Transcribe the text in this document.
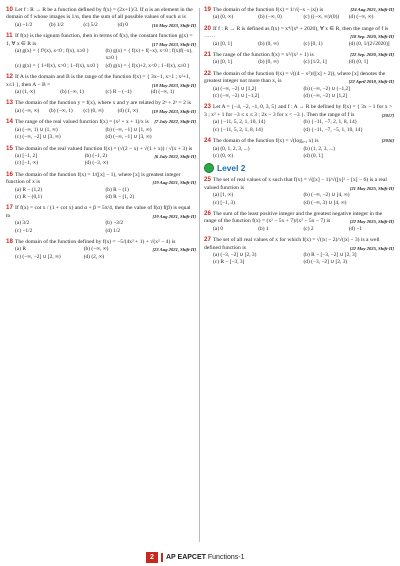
10 Let f : R → R be a function defined by f(x) = (2x+1)/3. If α is an element in the domain of f whose images is 1/α, then the sum of all possible values of such α is
[16 May 2023, Shift-II]
(a) −1/2	(b) 1/2	(c) 5/2	(d) 0
11 If f(x) is the signum function, then in terms of f(x), the constant function g(x) = 1, ∀ x ∈ R is	[17 May 2023, Shift-II]
(a) g(x) = { f²(x), x<0 ; f(x), x≥0 }	(b) g(x) = { f(x) + f(−x), x<0 ; f(x)f(−x), x≥0 }
(c) g(x) = { 1+f(x), x>0 ; 1−f(x), x≤0 }	(d) g(x) = { f(x)+2, x<0 ; 1−f(x), x≥0 }
12 If A is the domain and B is the range of the function f(x) = { 3x−1, x>1 ; x²+1, x≤1 }, then A − B =	[18 May 2023, Shift-II]
(a) (1, ∞)	(b) (−∞, 1)	(c) R − (−1)	(d) (−∞, 1)
13 The domain of the function y = f(x), where x and y are related by 2ˣ + 2ʸ = 2 is
[19 May 2023, Shift-II]
(a) (−∞, ∞)	(b) (−∞, 1)	(c) (0, ∞)	(d) (1, ∞)
14 The range of the real valued function f(x) = (x² + x + 1)/x is [7 July 2022, Shift-II]
(a) (−∞, 1) ∪ (1, ∞)	(b) (−∞, −1] ∪ [1, ∞)
(c) (−∞, −2] ∪ [3, ∞)	(d) (−∞, −1] ∪ [3, ∞)
15 The domain of the real valued function f(x) = (√(2 − x) + √(1 + x)) / √(x + 3) is
[6 July 2022, Shift-II]
(a) [−1, 2]	(b) (−1, 2)
(c) [−1, ∞)	(d) (−3, ∞)
16 The domain of the function f(x) = 1/([x] − 1), where [x] is greatest integer function of x is	[19 Aug 2021, Shift-II]
(a) R − (1,2)	(b) R − (1)
(c) R − (0,1)	(d) R − [1, 2)
17 If f(x) = cot x / (1 + cot x) and α + β = 5π/4, then the value of f(α) f(β) is equal to	[19 Aug 2021, Shift-II]
(a) 3/2	(b) −3/2
(c) −1/2	(d) 1/2
18 The domain of the function defined by f(x) = −5/(4x² + 1) + √(x² − 4) is
[23 Aug 2021, Shift-II]
(a) R	(b) (−∞, ∞)
(c) (−∞, −2] ∪ [2, ∞)	(d) (2, ∞)
19 The domain of the function f(x) = 1/√(−x − |x|) is	[24 Aug 2021, Shift-II]
(a) (0, ∞)	(b) (−∞, 0)	(c) ((−∞, ∞)/(0))	(d) (−∞, ∞)
20 If f : R → R is defined as f(x) = x⁴/(x⁸ + 2020), ∀ x ∈ R, then the range of f is ……	[18 Sep. 2020, Shift-II]
(a) [0, 1]	(b) (0, ∞)	(c) [0, 1)	(d) (0, 1/(2√2020)]
21 The range of the function f(x) = x²/(x² + 1) is	[22 Sep. 2020, Shift-II]
(a) [0, 1]	(b) [0, ∞)	(c) [1/2, 1]	(d) (0, 1]
22 The domain of the function f(x) = √((4 − x²)/([x] + 2)), where [x] denotes the greatest integer not more than x, is	[22 April 2018, Shift-II]
(a) (−∞, −2) ∪ [1,2]	(b) (−∞, −2) ∪ (−1,2]
(c) (−∞, −2) ∪ [−1,2]	(d) (−∞, −2) ∪ [1,2]
23 Let A = {−4, −2, −1, 0, 3, 5} and f : A → R be defined by f(x) = { 3x − 1 for x > 3 ; x² + 1 for −3 ≤ x ≤ 3 ; 2x − 3 for x < −3 }. Then the range of f is	[2017]
(a) {−11, 5, 2, 1, 10, 14}	(b) {−11, −7, 2, 1, 8, 14}
(c) {−11, 5, 2, 1, 8, 14}	(d) {−11, −7, −5, 1, 10, 14}
24 The domain of the function f(x) = √(log₀.₅ x) is	[2016]
(a) (0, 1, 2, 3, ...)	(b) (1, 2, 3, ...)
(c) (0, ∞)	(d) (0, 1]
Level 2
25 The set of real values of x such that f(x) = √([x] − 1)/√([x]² − [x] − 6) is a real valued function is	[21 May 2025, Shift-II]
(a) [1, ∞)	(b) (−∞, −2) ∪ [4, ∞)
(c) [−1, 3)	(d) (−∞, 3) ∪ [4, ∞)
26 The sum of the least positive integer and the greatest negative integer in the range of the function f(x) = (x² − 5x + 7)/(x² − 5x − 7) is	[22 May 2025, Shift-II]
(a) 0	(b) 1	(c) 2	(d) −1
27 The set of all real values of x for which f(x) = √(|x| − 2)/√(|x| − 3) is a well defined function is	[22 May 2025, Shift-II]
(a) (−3, −2] ∪ [2, 3)	(b) R − [−3, −2] ∪ [2, 3]
(c) R − [−3, 3]	(d) (−3, −2] ∪ [2, 3)
2	AP EAPCET Functions-1
